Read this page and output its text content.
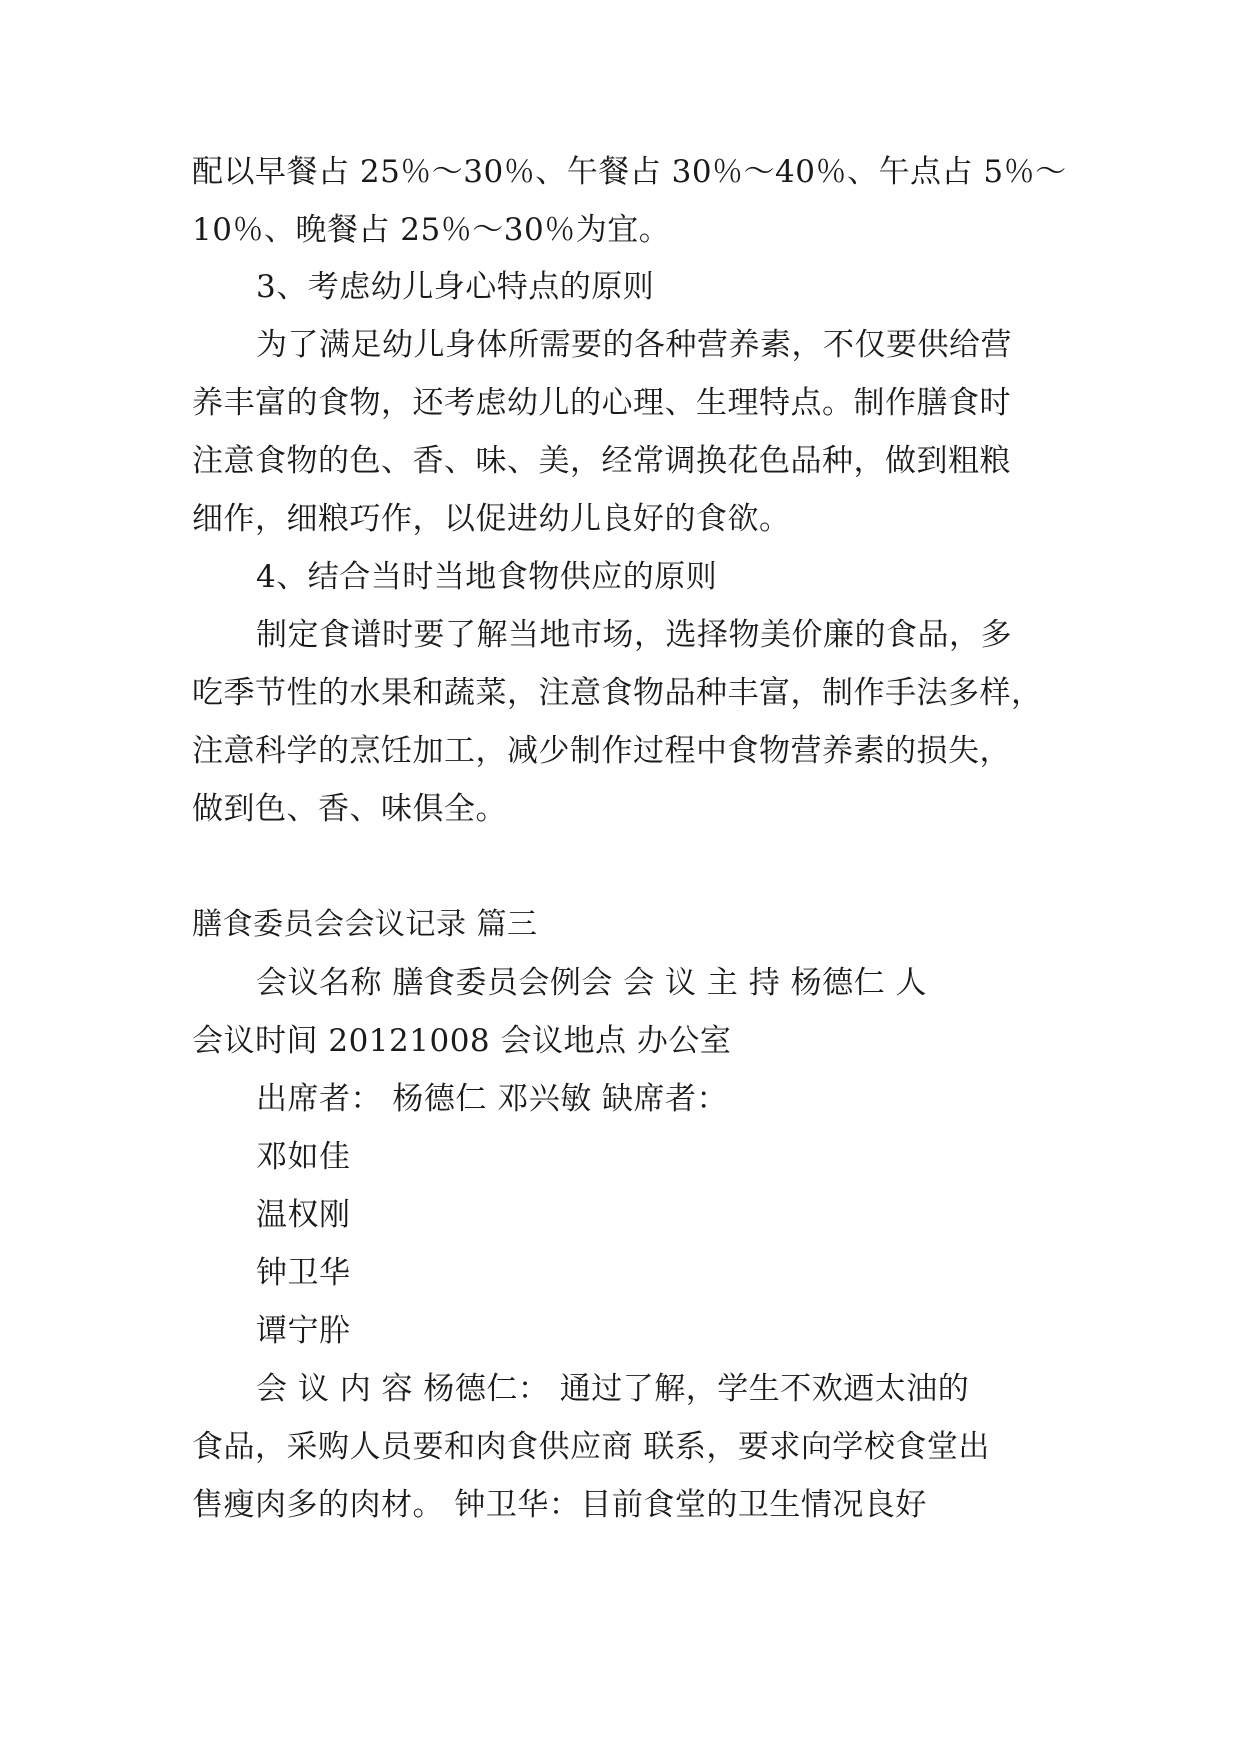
配以早餐占 25％～30％、午餐占 30％～40％、午点占 5％～
10％、晚餐占 25％～30％为宜。
3、考虑幼儿身心特点的原则
为了满足幼儿身体所需要的各种营养素，不仅要供给营
养丰富的食物，还考虑幼儿的心理、生理特点。制作膳食时
注意食物的色、香、味、美，经常调换花色品种，做到粗粮
细作，细粮巧作，以促进幼儿良好的食欲。
4、结合当时当地食物供应的原则
制定食谱时要了解当地市场，选择物美价廉的食品，多
吃季节性的水果和蔬菜，注意食物品种丰富，制作手法多样，
注意科学的烹饪加工，减少制作过程中食物营养素的损失，
做到色、香、味俱全。
膳食委员会会议记录 篇三
会议名称 膳食委员会例会 会 议 主 持 杨德仁 人
会议时间 20121008 会议地点 办公室
出席者： 杨德仁 邓兴敏 缺席者：
邓如佳
温权刚
钟卫华
谭宁肸
会 议 内 容 杨德仁： 通过了解，学生不欢迺太油的
食品，采购人员要和肉食供应商 联系，要求向学校食堂出
售瘦肉多的肉材。 钟卫华：目前食堂的卫生情况良好
